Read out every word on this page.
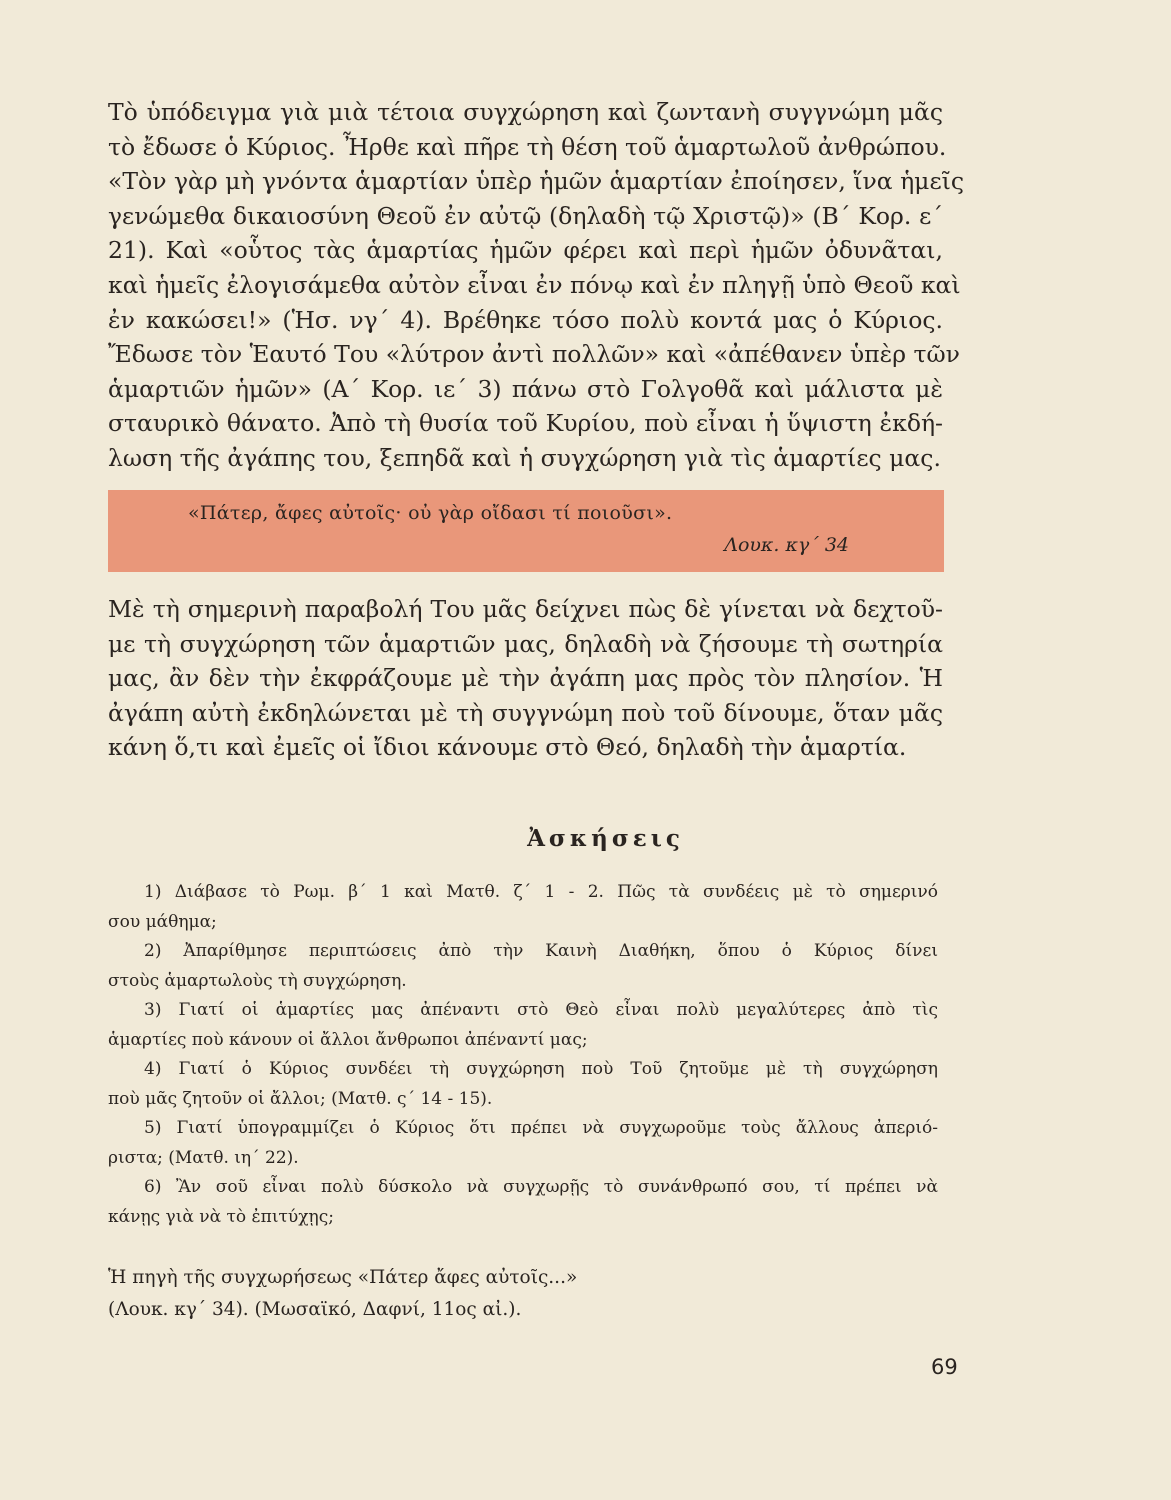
Τὸ ὑπόδειγμα γιὰ μιὰ τέτοια συγχώρηση καὶ ζωντανὴ συγγνώμη μᾶς
τὸ ἔδωσε ὁ Κύριος. Ἦρθε καὶ πῆρε τὴ θέση τοῦ ἁμαρτωλοῦ ἀνθρώπου.
«Τὸν γὰρ μὴ γνόντα ἁμαρτίαν ὑπὲρ ἡμῶν ἁμαρτίαν ἐποίησεν, ἵνα ἡμεῖς
γενώμεθα δικαιοσύνη Θεοῦ ἐν αὐτῷ (δηλαδὴ τῷ Χριστῷ)» (Β΄ Κορ. ε΄
21). Καὶ «οὗτος τὰς ἁμαρτίας ἡμῶν φέρει καὶ περὶ ἡμῶν ὀδυνᾶται,
καὶ ἡμεῖς ἐλογισάμεθα αὐτὸν εἶναι ἐν πόνῳ καὶ ἐν πληγῇ ὑπὸ Θεοῦ καὶ
ἐν κακώσει!» (Ἡσ. νγ΄ 4). Βρέθηκε τόσο πολὺ κοντά μας ὁ Κύριος.
Ἔδωσε τὸν Ἑαυτό Του «λύτρον ἀντὶ πολλῶν» καὶ «ἀπέθανεν ὑπὲρ τῶν
ἁμαρτιῶν ἡμῶν» (Α΄ Κορ. ιε΄ 3) πάνω στὸ Γολγοθᾶ καὶ μάλιστα μὲ
σταυρικὸ θάνατο. Ἀπὸ τὴ θυσία τοῦ Κυρίου, ποὺ εἶναι ἡ ὕψιστη ἐκδή-
λωση τῆς ἀγάπης του, ξεπηδᾶ καὶ ἡ συγχώρηση γιὰ τὶς ἁμαρτίες μας.
«Πάτερ, ἄφες αὐτοῖς· οὐ γὰρ οἴδασι τί ποιοῦσι».
Λουκ. κγ΄ 34
Μὲ τὴ σημερινὴ παραβολή Του μᾶς δείχνει πὼς δὲ γίνεται νὰ δεχτοῦ-
με τὴ συγχώρηση τῶν ἁμαρτιῶν μας, δηλαδὴ νὰ ζήσουμε τὴ σωτηρία
μας, ἂν δὲν τὴν ἐκφράζουμε μὲ τὴν ἀγάπη μας πρὸς τὸν πλησίον. Ἡ
ἀγάπη αὐτὴ ἐκδηλώνεται μὲ τὴ συγγνώμη ποὺ τοῦ δίνουμε, ὅταν μᾶς
κάνη ὅ,τι καὶ ἐμεῖς οἱ ἴδιοι κάνουμε στὸ Θεό, δηλαδὴ τὴν ἁμαρτία.
Ἀσκήσεις
1) Διάβασε τὸ Ρωμ. β΄ 1 καὶ Ματθ. ζ΄ 1 - 2. Πῶς τὰ συνδέεις μὲ τὸ σημερινό
σου μάθημα;
2) Ἀπαρίθμησε περιπτώσεις ἀπὸ τὴν Καινὴ Διαθήκη, ὅπου ὁ Κύριος δίνει
στοὺς ἁμαρτωλοὺς τὴ συγχώρηση.
3) Γιατί οἱ ἁμαρτίες μας ἀπέναντι στὸ Θεὸ εἶναι πολὺ μεγαλύτερες ἀπὸ τὶς
ἁμαρτίες ποὺ κάνουν οἱ ἄλλοι ἄνθρωποι ἀπέναντί μας;
4) Γιατί ὁ Κύριος συνδέει τὴ συγχώρηση ποὺ Τοῦ ζητοῦμε μὲ τὴ συγχώρηση
ποὺ μᾶς ζητοῦν οἱ ἄλλοι; (Ματθ. ς΄ 14 - 15).
5) Γιατί ὑπογραμμίζει ὁ Κύριος ὅτι πρέπει νὰ συγχωροῦμε τοὺς ἄλλους ἀπεριό-
ριστα; (Ματθ. ιη΄ 22).
6) Ἂν σοῦ εἶναι πολὺ δύσκολο νὰ συγχωρῇς τὸ συνάνθρωπό σου, τί πρέπει νὰ
κάνῃς γιὰ νὰ τὸ ἐπιτύχῃς;
Ἡ πηγὴ τῆς συγχωρήσεως «Πάτερ ἄφες αὐτοῖς...»
(Λουκ. κγ΄ 34). (Μωσαϊκό, Δαφνί, 11ος αἰ.).
69
